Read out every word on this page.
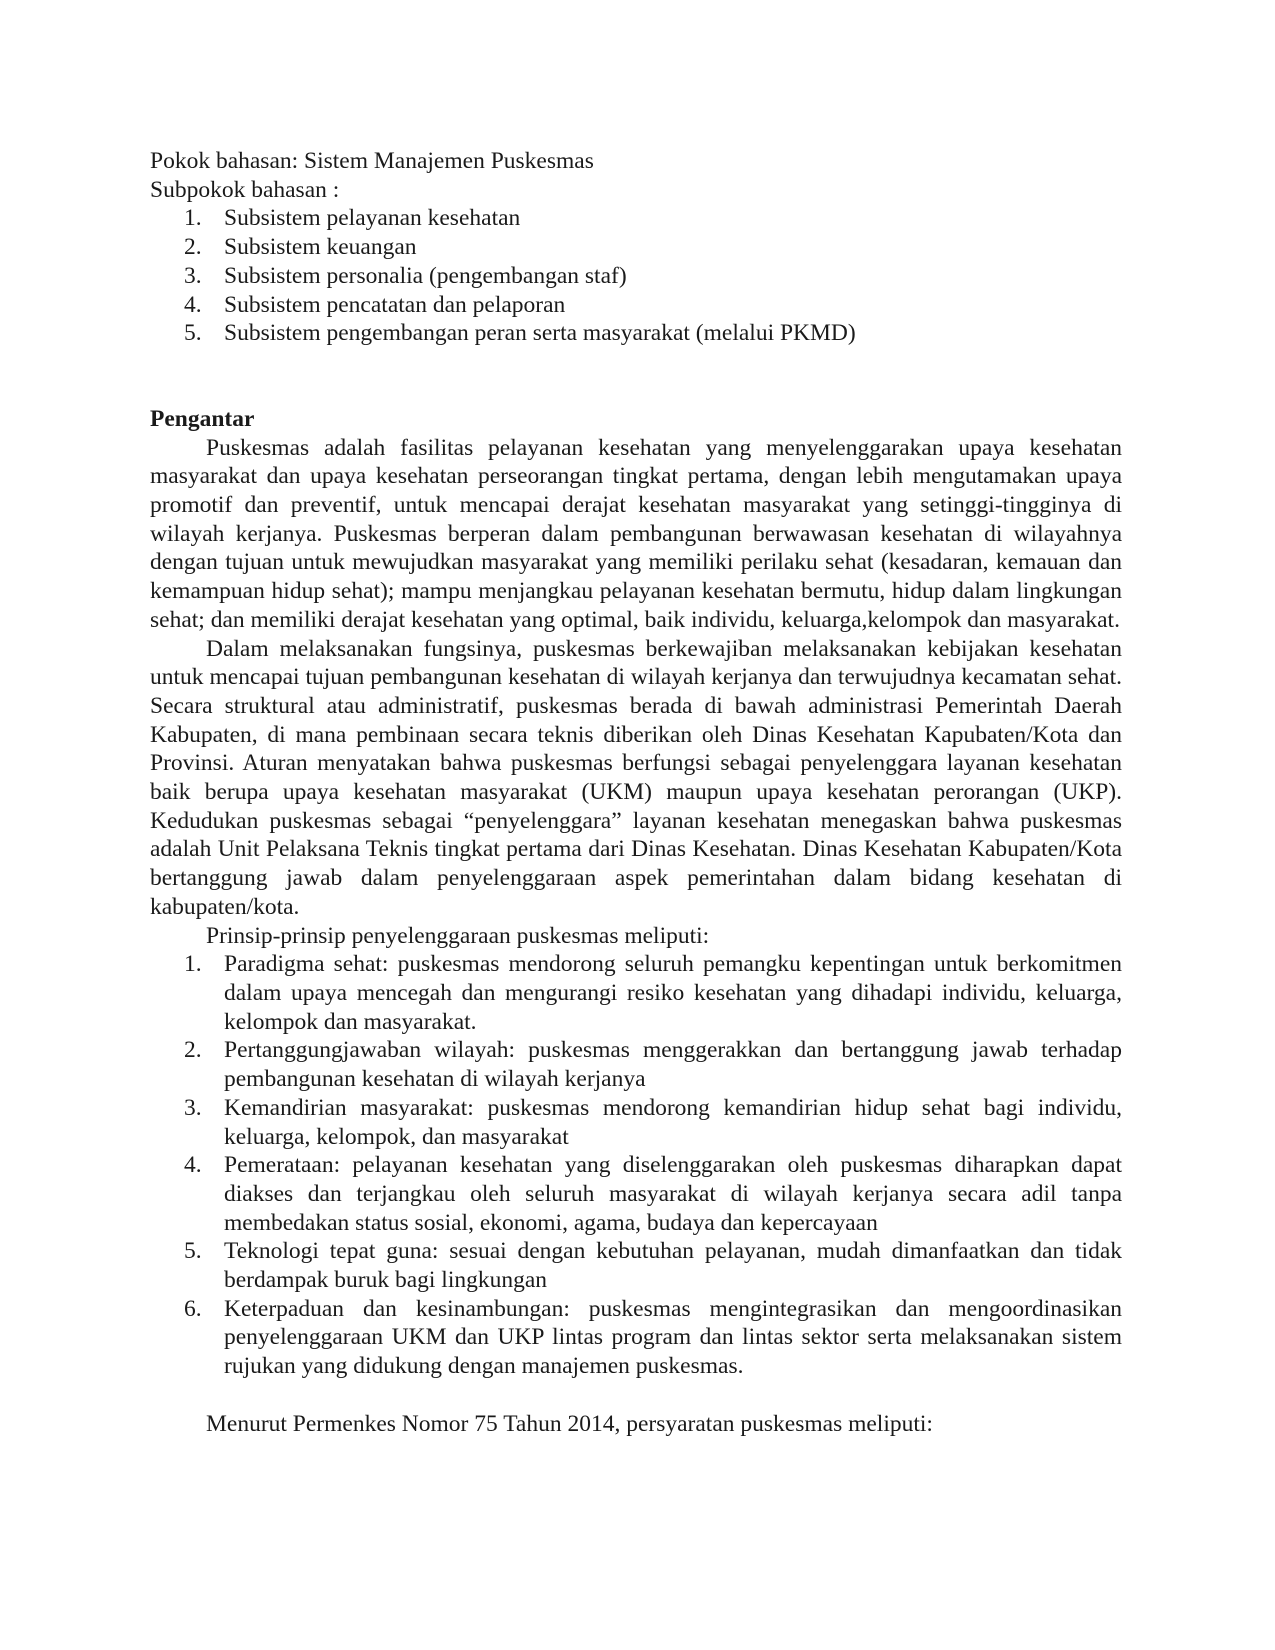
Pokok bahasan: Sistem Manajemen Puskesmas

Subpokok bahasan :

1. Subsistem pelayanan kesehatan
2. Subsistem keuangan
3. Subsistem personalia (pengembangan staf)
4. Subsistem pencatatan dan pelaporan
5. Subsistem pengembangan peran serta masyarakat (melalui PKMD)

Pengantar

Puskesmas adalah fasilitas pelayanan kesehatan yang menyelenggarakan upaya kesehatan masyarakat dan upaya kesehatan perseorangan tingkat pertama, dengan lebih mengutamakan upaya promotif dan preventif, untuk mencapai derajat kesehatan masyarakat yang setinggi-tingginya di wilayah kerjanya. Puskesmas berperan dalam pembangunan berwawasan kesehatan di wilayahnya dengan tujuan untuk mewujudkan masyarakat yang memiliki perilaku sehat (kesadaran, kemauan dan kemampuan hidup sehat); mampu menjangkau pelayanan kesehatan bermutu, hidup dalam lingkungan sehat; dan memiliki derajat kesehatan yang optimal, baik individu, keluarga,kelompok dan masyarakat.

Dalam melaksanakan fungsinya, puskesmas berkewajiban melaksanakan kebijakan kesehatan untuk mencapai tujuan pembangunan kesehatan di wilayah kerjanya dan terwujudnya kecamatan sehat. Secara struktural atau administratif, puskesmas berada di bawah administrasi Pemerintah Daerah Kabupaten, di mana pembinaan secara teknis diberikan oleh Dinas Kesehatan Kapubaten/Kota dan Provinsi. Aturan menyatakan bahwa puskesmas berfungsi sebagai penyelenggara layanan kesehatan baik berupa upaya kesehatan masyarakat (UKM) maupun upaya kesehatan perorangan (UKP). Kedudukan puskesmas sebagai “penyelenggara” layanan kesehatan menegaskan bahwa puskesmas adalah Unit Pelaksana Teknis tingkat pertama dari Dinas Kesehatan. Dinas Kesehatan Kabupaten/Kota bertanggung jawab dalam penyelenggaraan aspek pemerintahan dalam bidang kesehatan di kabupaten/kota.

Prinsip-prinsip penyelenggaraan puskesmas meliputi:

1. Paradigma sehat: puskesmas mendorong seluruh pemangku kepentingan untuk berkomitmen dalam upaya mencegah dan mengurangi resiko kesehatan yang dihadapi individu, keluarga, kelompok dan masyarakat.
2. Pertanggungjawaban wilayah: puskesmas menggerakkan dan bertanggung jawab terhadap pembangunan kesehatan di wilayah kerjanya
3. Kemandirian masyarakat: puskesmas mendorong kemandirian hidup sehat bagi individu, keluarga, kelompok, dan masyarakat
4. Pemerataan: pelayanan kesehatan yang diselenggarakan oleh puskesmas diharapkan dapat diakses dan terjangkau oleh seluruh masyarakat di wilayah kerjanya secara adil tanpa membedakan status sosial, ekonomi, agama, budaya dan kepercayaan
5. Teknologi tepat guna: sesuai dengan kebutuhan pelayanan, mudah dimanfaatkan dan tidak berdampak buruk bagi lingkungan
6. Keterpaduan dan kesinambungan: puskesmas mengintegrasikan dan mengoordinasikan penyelenggaraan UKM dan UKP lintas program dan lintas sektor serta melaksanakan sistem rujukan yang didukung dengan manajemen puskesmas.

Menurut Permenkes Nomor 75 Tahun 2014, persyaratan puskesmas meliputi:
